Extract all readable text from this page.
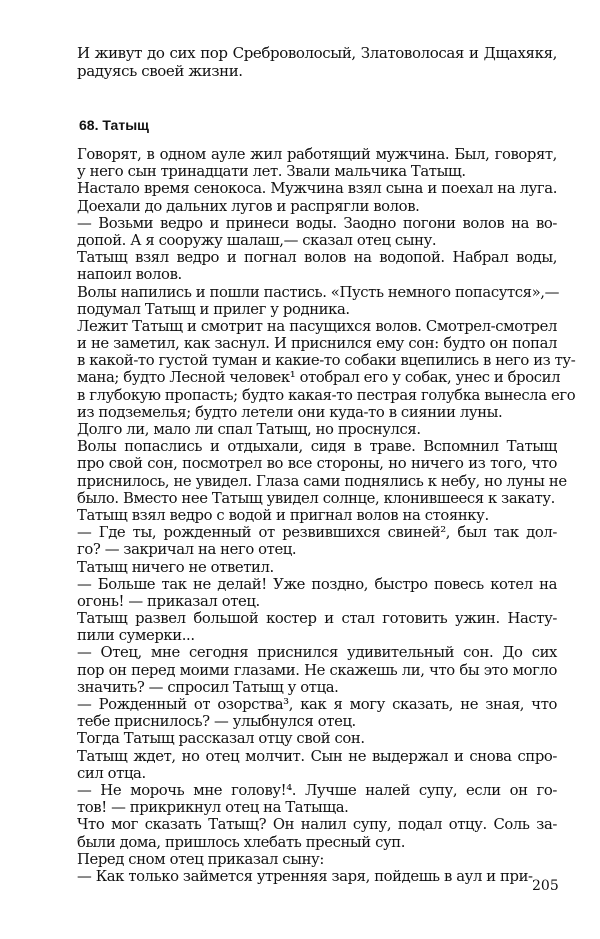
И живут до сих пор Среброволосый, Златоволосая и Дщахякя,
радуясь своей жизни.
68. Татыщ
Говорят, в одном ауле жил работящий мужчина. Был, говорят,
у него сын тринадцати лет. Звали мальчика Татыщ.
Настало время сенокоса. Мужчина взял сына и поехал на луга.
Доехали до дальних лугов и распрягли волов.
— Возьми ведро и принеси воды. Заодно погони волов на во-
допой. А я сооружу шалаш,— сказал отец сыну.
Татыщ взял ведро и погнал волов на водопой. Набрал воды,
напоил волов.
Волы напились и пошли пастись. «Пусть немного попасутся»,—
подумал Татыщ и прилег у родника.
Лежит Татыщ и смотрит на пасущихся волов. Смотрел-смотрел
и не заметил, как заснул. И приснился ему сон: будто он попал
в какой-то густой туман и какие-то собаки вцепились в него из ту-
мана; будто Лесной человек¹ отобрал его у собак, унес и бросил
в глубокую пропасть; будто какая-то пестрая голубка вынесла его
из подземелья; будто летели они куда-то в сиянии луны.
Долго ли, мало ли спал Татыщ, но проснулся.
Волы попаслись и отдыхали, сидя в траве. Вспомнил Татыщ
про свой сон, посмотрел во все стороны, но ничего из того, что
приснилось, не увидел. Глаза сами поднялись к небу, но луны не
было. Вместо нее Татыщ увидел солнце, клонившееся к закату.
Татыщ взял ведро с водой и пригнал волов на стоянку.
— Где ты, рожденный от резвившихся свиней², был так дол-
го? — закричал на него отец.
Татыщ ничего не ответил.
— Больше так не делай! Уже поздно, быстро повесь котел на
огонь! — приказал отец.
Татыщ развел большой костер и стал готовить ужин. Насту-
пили сумерки...
— Отец, мне сегодня приснился удивительный сон. До сих
пор он перед моими глазами. Не скажешь ли, что бы это могло
значить? — спросил Татыщ у отца.
— Рожденный от озорства³, как я могу сказать, не зная, что
тебе приснилось? — улыбнулся отец.
Тогда Татыщ рассказал отцу свой сон.
Татыщ ждет, но отец молчит. Сын не выдержал и снова спро-
сил отца.
— Не морочь мне голову!⁴. Лучше налей супу, если он го-
тов! — прикрикнул отец на Татыща.
Что мог сказать Татыщ? Он налил супу, подал отцу. Соль за-
были дома, пришлось хлебать пресный суп.
Перед сном отец приказал сыну:
— Как только займется утренняя заря, пойдешь в аул и при-
205
